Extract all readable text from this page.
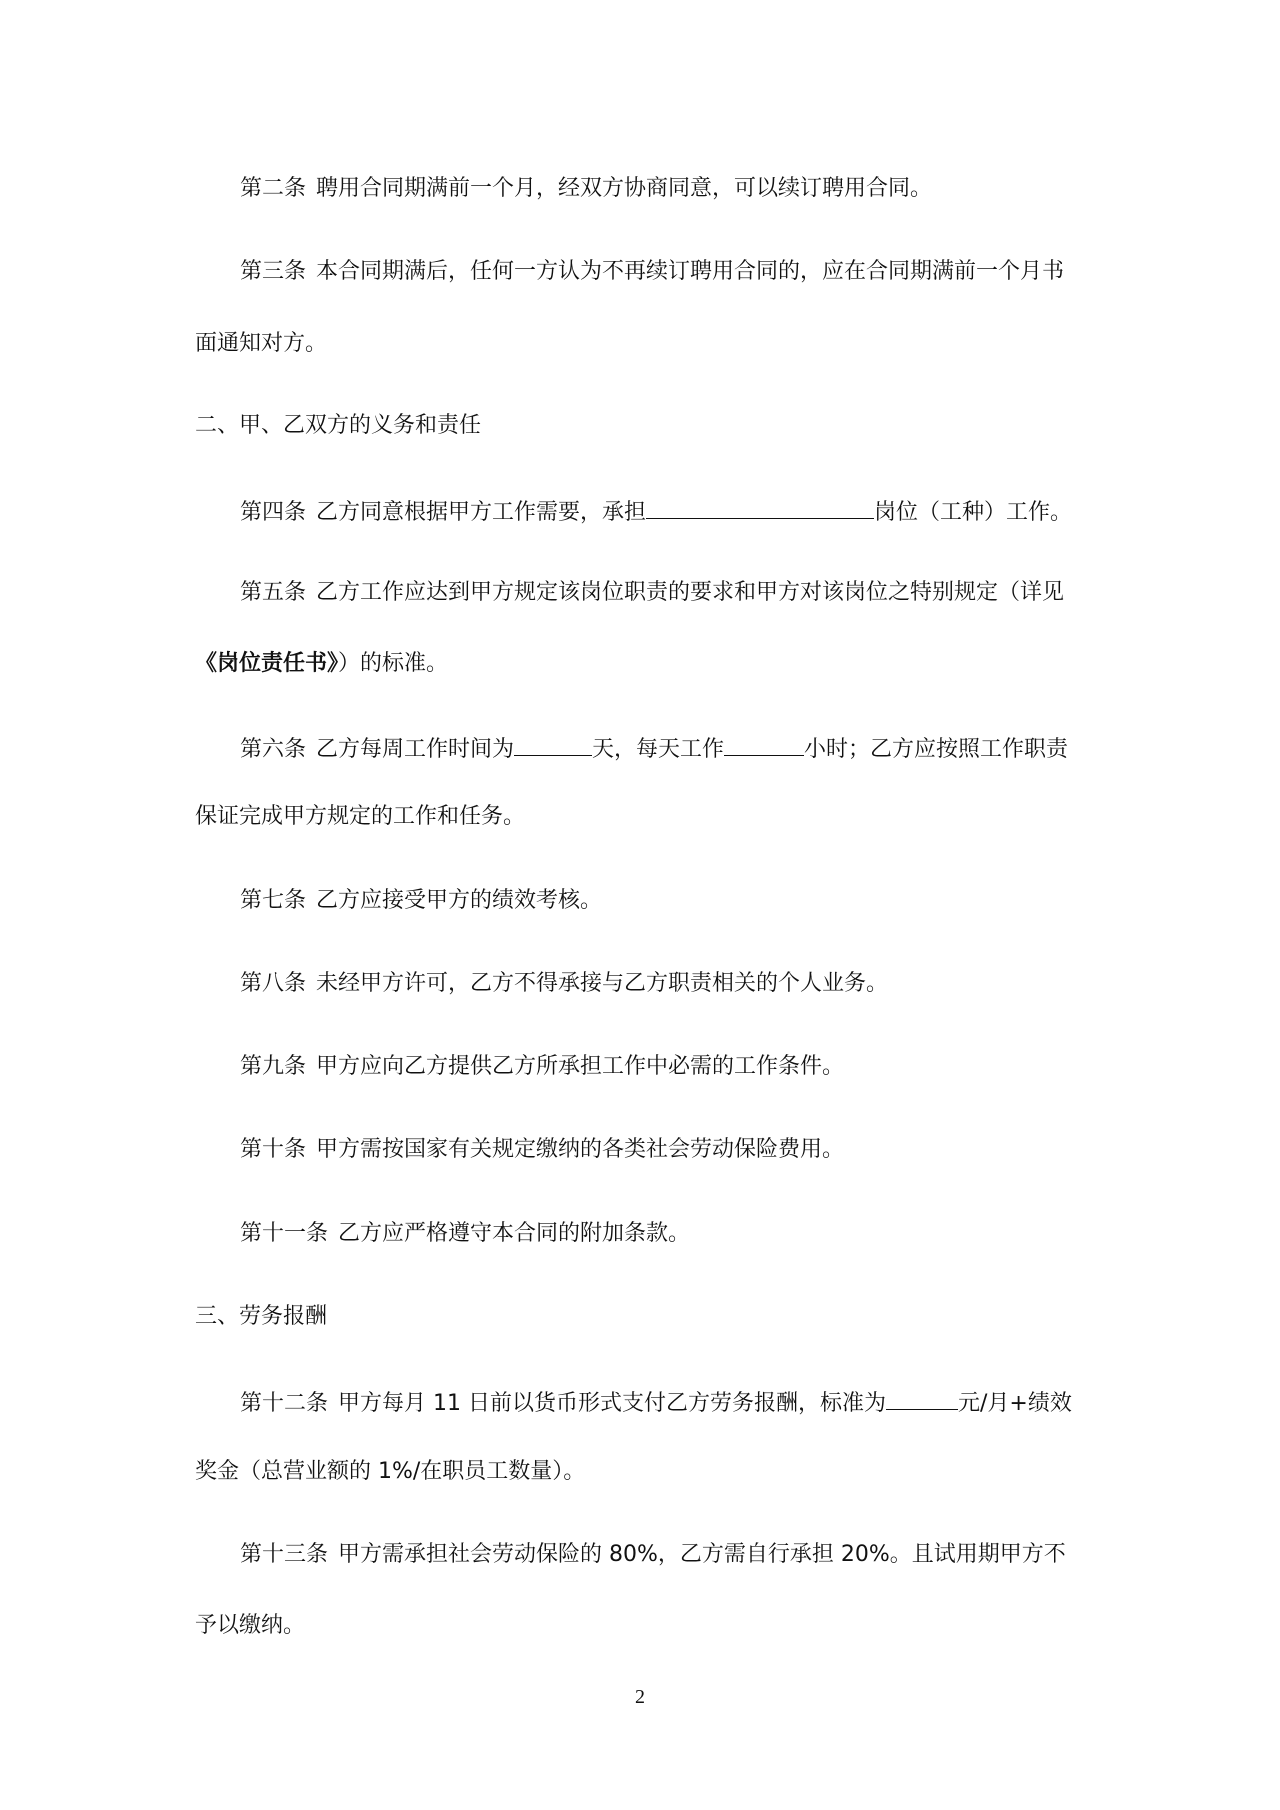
第二条 聘用合同期满前一个月，经双方协商同意，可以续订聘用合同。
第三条 本合同期满后，任何一方认为不再续订聘用合同的，应在合同期满前一个月书
面通知对方。
二、甲、乙双方的义务和责任
第四条 乙方同意根据甲方工作需要，承担	岗位（工种）工作。
第五条 乙方工作应达到甲方规定该岗位职责的要求和甲方对该岗位之特别规定（详见
《岗位责任书》）的标准。
第六条 乙方每周工作时间为	天，每天工作	小时；乙方应按照工作职责
保证完成甲方规定的工作和任务。
第七条 乙方应接受甲方的绩效考核。
第八条 未经甲方许可，乙方不得承接与乙方职责相关的个人业务。
第九条 甲方应向乙方提供乙方所承担工作中必需的工作条件。
第十条 甲方需按国家有关规定缴纳的各类社会劳动保险费用。
第十一条 乙方应严格遵守本合同的附加条款。
三、劳务报酬
第十二条 甲方每月 11 日前以货币形式支付乙方劳务报酬，标准为	元/月+绩效
奖金（总营业额的 1%/在职员工数量）。
第十三条 甲方需承担社会劳动保险的 80%，乙方需自行承担 20%。且试用期甲方不
予以缴纳。
2
